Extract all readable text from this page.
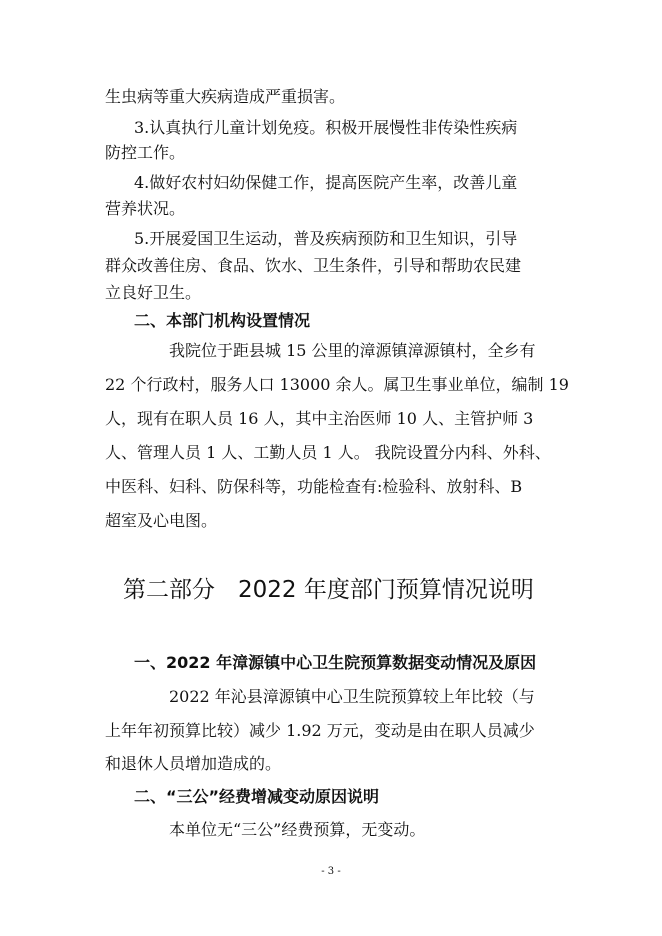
生虫病等重大疾病造成严重损害。
3.认真执行儿童计划免疫。积极开展慢性非传染性疾病
防控工作。
4.做好农村妇幼保健工作，提高医院产生率，改善儿童
营养状况。
5.开展爱国卫生运动，普及疾病预防和卫生知识，引导
群众改善住房、食品、饮水、卫生条件，引导和帮助农民建
立良好卫生。
二、本部门机构设置情况
我院位于距县城 15 公里的漳源镇漳源镇村，全乡有
22 个行政村，服务人口 13000 余人。属卫生事业单位，编制 19
人，现有在职人员 16 人，其中主治医师 10 人、主管护师 3
人、管理人员 1 人、工勤人员 1 人。 我院设置分内科、外科、
中医科、妇科、防保科等，功能检查有:检验科、放射科、B
超室及心电图。
第二部分　2022 年度部门预算情况说明
一、2022 年漳源镇中心卫生院预算数据变动情况及原因
2022 年沁县漳源镇中心卫生院预算较上年比较（与
上年年初预算比较）减少 1.92 万元，变动是由在职人员减少
和退休人员增加造成的。
二、“三公”经费增减变动原因说明
本单位无“三公”经费预算，无变动。
- 3 -
